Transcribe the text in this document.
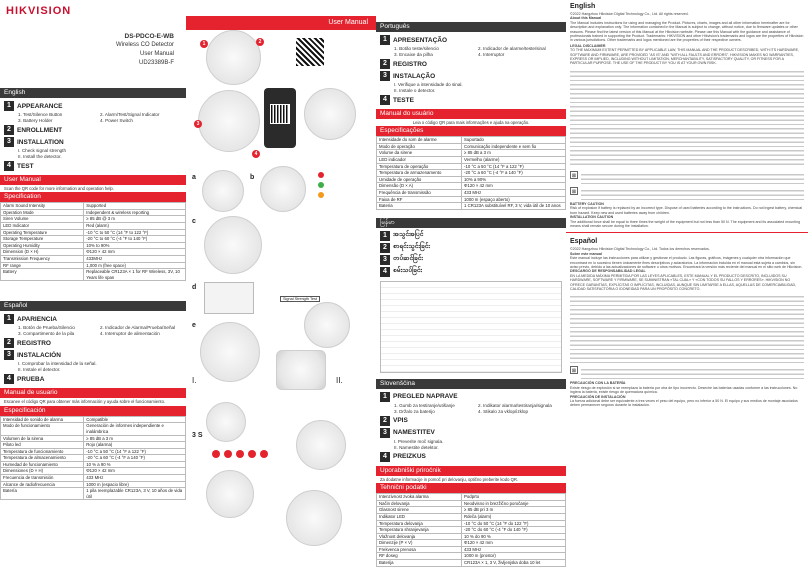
HIKVISION
DS-PDCO-E-WB
Wireless CO Detector
User Manual
UD23389B-F
English
1 APPEARANCE
1. Test/Silence Button	2. Alarm/Test/Signal Indicator
3. Battery Holder	4. Power Switch
2 ENROLLMENT
3 INSTALLATION
I. Check signal strength
II. Install the detector.
4 TEST
User Manual
Scan the QR code for more information and operation help.
Specification
Alarm Sound Intensity	Supported
Operation Mode	Independent & wireless reporting
Siren Volume	≥ 85 dB @ 3 m
LED Indicator	Red (alarm)
Operating Temperature	-10 °C to 50 °C (14 °F to 122 °F)
Storage Temperature	-20 °C to 60 °C (-4 °F to 140 °F)
Operating Humidity	10% to 90%
Dimension (D × H)	Φ120 × 42 mm
Transmission Frequency	433MHz
RF range	1,000 m (free space)
Battery	Replaceable CR123A × 1 for RF Wireless, 3V, 10 Years life span
Español
1 APARIENCIA
1. Botón de Prueba/Silencio	2. Indicador de Alarma/Prueba/Señal
3. Compartimento de la pila	4. Interruptor de alimentación
2 REGISTRO
3 INSTALACIÓN
I. Comprobar la intensidad de la señal.
II. Instale el detector.
4 PRUEBA
Manual de usuario
Escanee el código QR para obtener más información y ayuda sobre el funcionamiento.
Especificación
Intensidad de sonido de alarma	Compatible
Modo de funcionamiento	Generación de informes independiente e inalámbrica
Volumen de la sirena	≥ 85 dB a 3 m
Piloto led	Rojo (alarma)
Temperatura de funcionamiento	-10 °C a 50 °C (14 °F a 122 °F)
Temperatura de almacenamiento	-20 °C a 60 °C (-4 °F a 140 °F)
Humedad de funcionamiento	10 % a 90 %
Dimensiones (D × H)	Φ120 × 42 mm
Frecuencia de transmisión	433 MHz
Alcance de radiofrecuencia	1000 m (espacio libre)
Batería	1 pila reemplazable CR123A, 3 V, 10 años de vida útil
User Manual
1	2
3
4
a	b
c
d
Signal Strength Test
e
I.	II.
3 S
Português
1 APRESENTAÇÃO
1. Botão teste/silencio	2. Indicador de alarme/teste/sinal
3. Encaixe da pilha	4. Interruptor
2 REGISTRO
3 INSTALAÇÃO
I. Verifique a intensidade do sinal.
II. Instale o detector.
4 TESTE
Manual do usuário
Leia o código QR para mais informações e ajuda na operação.
Especificações
Intensidade do som de alarme	Suportado
Modo de operação	Comunicação independente e sem fio
Volume da sirene	≥ 85 dB a 3 m
LED indicador	Vermelho (alarme)
Temperatura de operação	-10 °C a 50 °C (14 °F a 122 °F)
Temperatura de armazenamento	-20 °C a 60 °C (-4 °F a 140 °F)
Umidade de operação	10% a 90%
Dimensão (D × A)	Φ120 × 42 mm
Frequência de transmissão	433 MHz
Faixa de RF	1000 m (espaço aberto)
Bateria	1 CR123A substituível RF, 3 V, vida útil de 10 anos
မြန်မာ
1 အသွင်အပြင်
2 စာရင်းသွင်းခြင်း
3 တပ်ဆင်ခြင်း
4 စမ်းသပ်ခြင်း
Slovenščina
1 PREGLED NAPRAVE
1. Gumb za testiranje/utišanje	2. Indikator alarma/testiranja/signala
3. Držalo za baterijo	4. Stikalo za vklop/izklop
2 VPIS
3 NAMESTITEV
I. Preverite moč signala.
II. Namestite detektor.
4 PREIZKUS
Uporabniški priročnik
Za dodatne informacije in pomoč pri delovanju, optično preberite kodo QR.
Tehnični podatki
Intenzivnost zvoka alarma	Podprto
Način delovanja	Neodvisno in brezžično poročanje
Glasnost sirene	≥ 85 dB pri 3 m
Indikator LED	Rdeča (alarm)
Temperatura delovanja	-10 °C do 50 °C (14 °F do 122 °F)
Temperatura shranjevanja	-20 °C do 60 °C (-4 °F do 140 °F)
Vlažnost delovanja	10 % do 90 %
Dimenzije (P × V)	Φ120 × 42 mm
Frekvenca prenosa	433 MHz
RF doseg	1000 m (prostor)
Baterija	CR123A × 1, 3 V, življenjska doba 10 let
English
©2022 Hangzhou Hikvision Digital Technology Co., Ltd. All rights reserved.
About this Manual
The Manual includes instructions for using and managing the Product. Pictures, charts, images and all other information hereinafter are for description and explanation only. The information contained in the Manual is subject to change, without notice, due to firmware updates or other reasons. Please find the latest version of this Manual at the Hikvision website. Please use this Manual with the guidance and assistance of professionals trained in supporting the Product. Trademarks: HIKVISION and other Hikvision's trademarks and logos are the properties of Hikvision in various jurisdictions. Other trademarks and logos mentioned are the properties of their respective owners.
LEGAL DISCLAIMER
TO THE MAXIMUM EXTENT PERMITTED BY APPLICABLE LAW, THIS MANUAL AND THE PRODUCT DESCRIBED, WITH ITS HARDWARE, SOFTWARE AND FIRMWARE, ARE PROVIDED "AS IS" AND "WITH ALL FAULTS AND ERRORS". HIKVISION MAKES NO WARRANTIES, EXPRESS OR IMPLIED, INCLUDING WITHOUT LIMITATION, MERCHANTABILITY, SATISFACTORY QUALITY, OR FITNESS FOR A PARTICULAR PURPOSE. THE USE OF THE PRODUCT BY YOU IS AT YOUR OWN RISK.
⊠
⊠
BATTERY CAUTION
Risk of explosion if battery is replaced by an incorrect type. Dispose of used batteries according to the instructions. Do not ingest battery, chemical burn hazard. Keep new and used batteries away from children.
INSTALLATION CAUTION
The additional force shall be equal to three times the weight of the equipment but not less than 50 N. The equipment and its associated mounting means shall remain secure during the installation.
Español
©2022 Hangzhou Hikvision Digital Technology Co., Ltd. Todos los derechos reservados.
Sobre este manual
Este manual incluye las instrucciones para utilizar y gestionar el producto. Las figuras, gráficos, imágenes y cualquier otra información que encontrará en lo sucesivo tienen únicamente fines descriptivos y aclaratorios. La información incluida en el manual está sujeta a cambios, sin aviso previo, debido a las actualizaciones de software u otros motivos. Encontrará la versión más reciente del manual en el sitio web de Hikvision.
DESCARGO DE RESPONSABILIDAD LEGAL
EN LA MEDIDA MÁXIMA PERMITIDA POR LAS LEYES APLICABLES, ESTE MANUAL Y EL PRODUCTO DESCRITO, INCLUIDOS SU HARDWARE, SOFTWARE Y FIRMWARE, SE SUMINISTRAN «TAL CUAL» Y «CON TODOS SU FALLOS Y ERRORES». HIKVISION NO OFRECE GARANTÍAS, EXPLÍCITAS O IMPLÍCITAS, INCLUIDAS, AUNQUE SIN LIMITARSE A ELLAS, AQUELLAS DE COMERCIABILIDAD, CALIDAD SATISFACTORIA O IDONEIDAD PARA UN PROPÓSITO CONCRETO.
⊠
PRECAUCIÓN CON LA BATERÍA
Existe riesgo de explosión si se reemplaza la batería por otra de tipo incorrecto. Deseche las baterías usadas conforme a las instrucciones. No ingiera la batería, existe riesgo de quemadura química.
PRECAUCIÓN DE INSTALACIÓN
La fuerza adicional debe ser equivalente a tres veces el peso del equipo, pero no inferior a 50 N. El equipo y sus medios de montaje asociados deben permanecer seguros durante la instalación.
